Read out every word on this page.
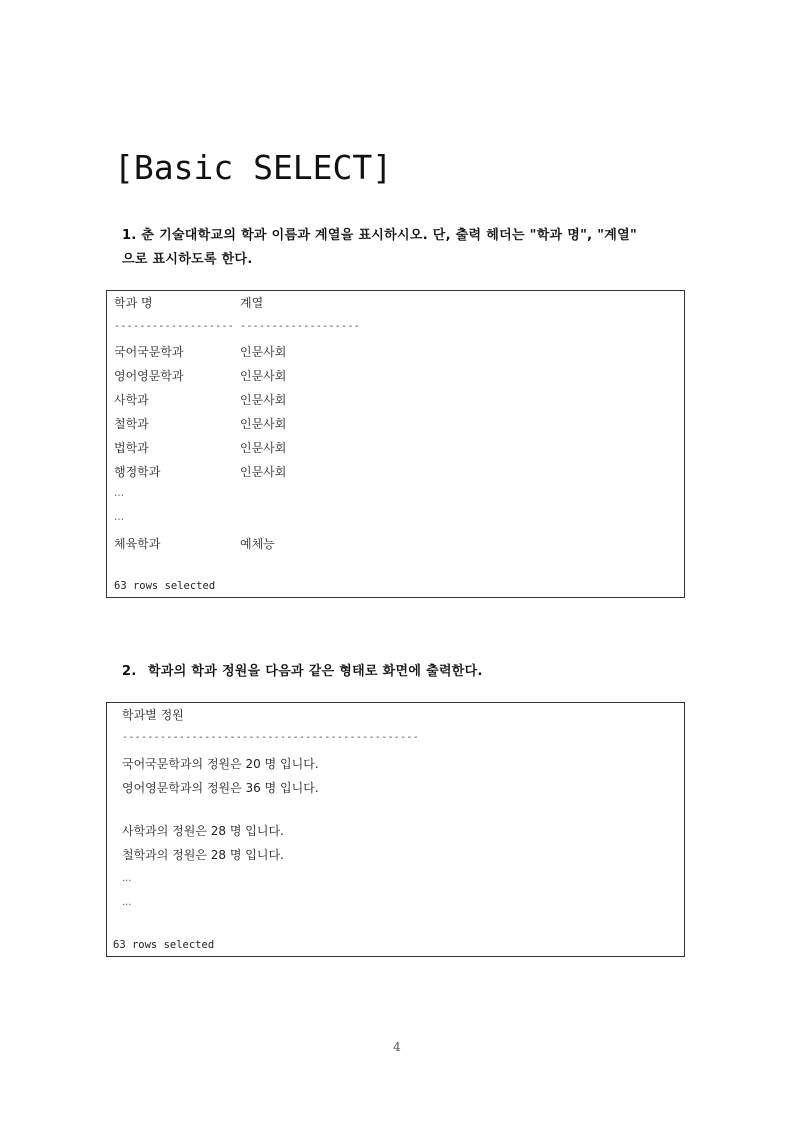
[Basic SELECT]
1. 춘 기술대학교의 학과 이름과 계열을 표시하시오. 단, 출력 헤더는 "학과 명", "계열"
으로 표시하도록 한다.
학과 명	계열
------------------- -------------------
국어국문학과	인문사회
영어영문학과	인문사회
사학과	인문사회
철학과	인문사회
법학과	인문사회
행정학과	인문사회
…
…
체육학과	예체능
63 rows selected
2. 학과의 학과 정원을 다음과 같은 형태로 화면에 출력한다.
학과별 정원
-----------------------------------------------
국어국문학과의 정원은 20 명 입니다.
영어영문학과의 정원은 36 명 입니다.
사학과의 정원은 28 명 입니다.
철학과의 정원은 28 명 입니다.
...
...
63 rows selected
4
